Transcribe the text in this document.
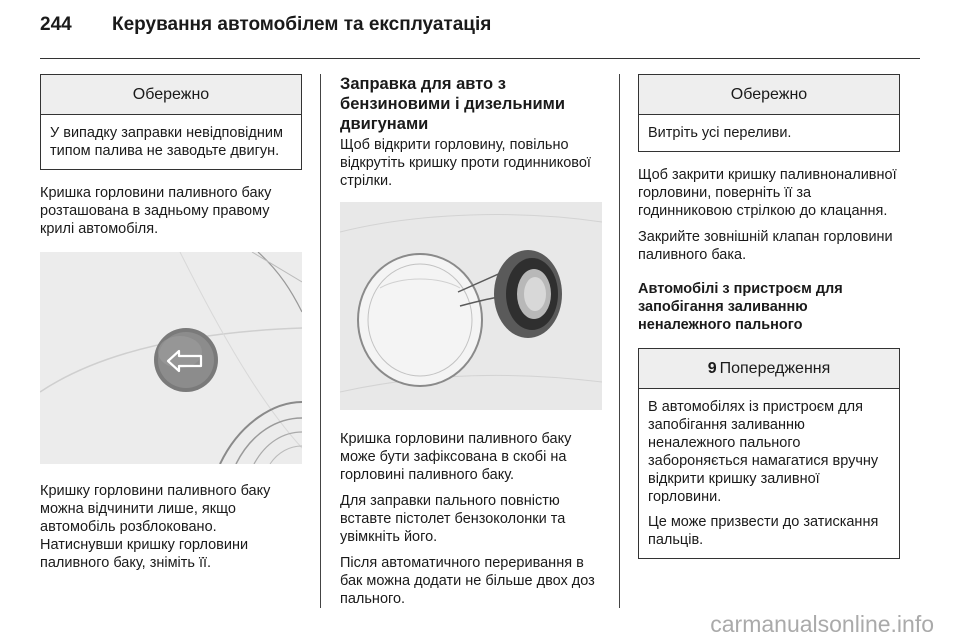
244 Керування автомобілем та експлуатація
Обережно

У випадку заправки невідповідним типом палива не заводьте двигун.

Кришка горловини паливного баку розташована в задньому правому крилі автомобіля.

Кришку горловини паливного баку можна відчинити лише, якщо автомобіль розблоковано. Натиснувши кришку горловини паливного баку, зніміть її.

Заправка для авто з бензиновими і дизельними двигунами

Щоб відкрити горловину, повільно відкрутіть кришку проти годинникової стрілки.

Кришка горловини паливного баку може бути зафіксована в скобі на горловині паливного баку.

Для заправки пального повністю вставте пістолет бензоколонки та увімкніть його.

Після автоматичного переривання в бак можна додати не більше двох доз пального.

Обережно

Витріть усі переливи.

Щоб закрити кришку паливноналивної горловини, поверніть її за годинниковою стрілкою до клацання.

Закрийте зовнішній клапан горловини паливного бака.

Автомобілі з пристроєм для запобігання заливанню неналежного пального
9 Попередження

В автомобілях із пристроєм для запобігання заливанню неналежного пального забороняється намагатися вручну відкрити кришку заливної горловини.

Це може призвести до затискання пальців.

carmanualsonline.info
